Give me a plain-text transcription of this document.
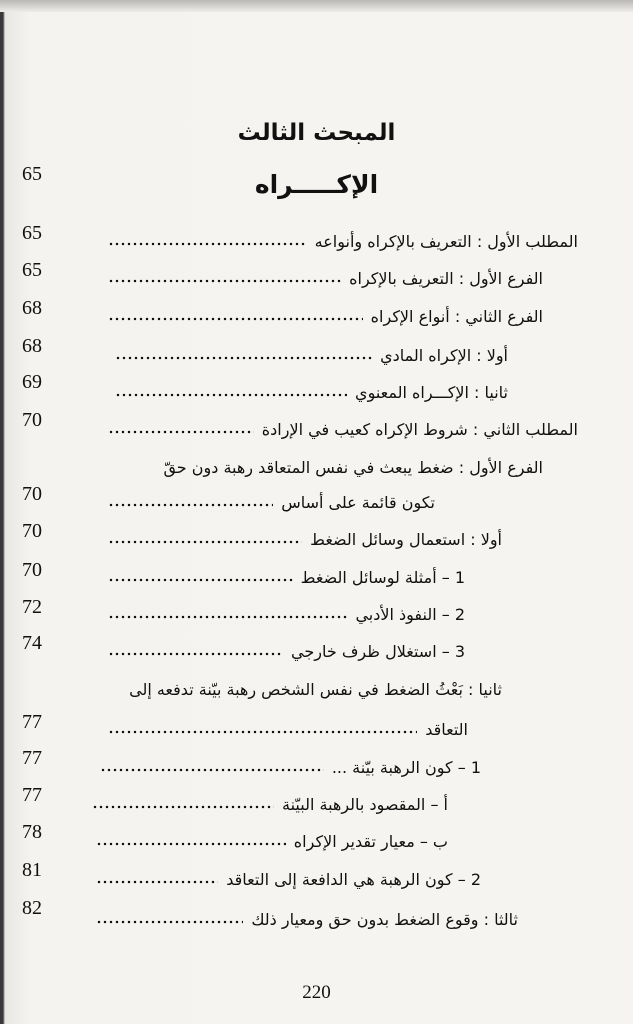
المبحث الثالث
الإكـــــراه
65
المطلب الأول : التعريف بالإكراه وأنواعه
65
الفرع الأول : التعريف بالإكراه
65
الفرع الثاني : أنواع الإكراه
68
أولا : الإكراه المادي
68
ثانيا : الإكـــراه المعنوي
69
المطلب الثاني : شروط الإكراه كعيب في الإرادة
70
الفرع الأول : ضغط يبعث في نفس المتعاقد رهبة دون حقّ
تكون قائمة على أساس
70
أولا : استعمال وسائل الضغط
70
1 – أمثلة لوسائل الضغط
70
2 – النفوذ الأدبي
72
3 – استغلال ظرف خارجي
74
ثانيا : بَعْثُ الضغط في نفس الشخص رهبة بيّنة تدفعه إلى
التعاقد
77
1 – كون الرهبة بيّنة ...
77
أ – المقصود بالرهبة البيّنة
77
ب – معيار تقدير الإكراه
78
2 – كون الرهبة هي الدافعة إلى التعاقد
81
ثالثا : وقوع الضغط بدون حق ومعيار ذلك
82
220
